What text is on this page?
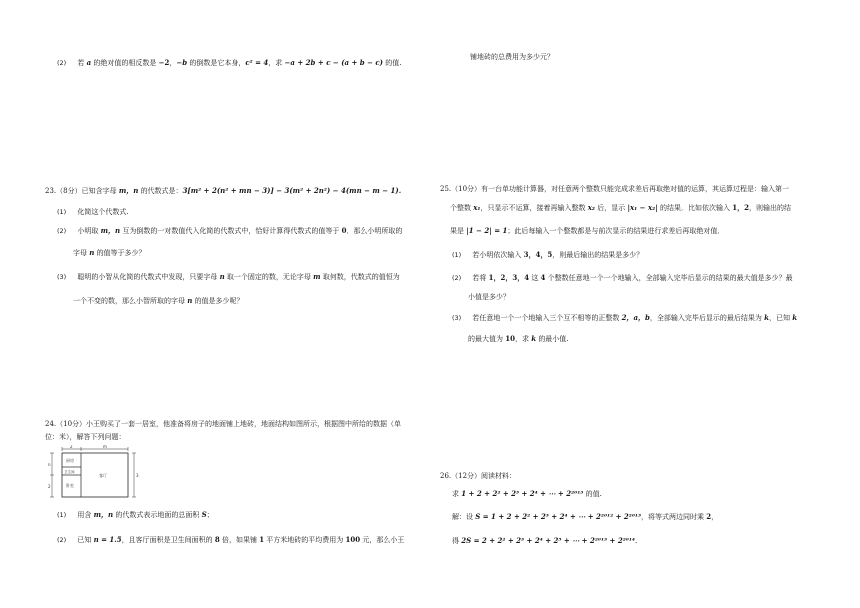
(2) 若 a 的绝对值的相反数是 −2，−b 的倒数是它本身，c² = 4，求 −a + 2b + c − (a + b − c) 的值.
23.（8分）已知含字母 m，n 的代数式是：3[m² + 2(n² + mn − 3)] − 3(m² + 2n²) − 4(mn − m − 1).
(1) 化简这个代数式.
(2) 小明取 m，n 互为倒数的一对数值代入化简的代数式中，恰好计算得代数式的值等于 0．那么小明所取的
字母 n 的值等于多少？
(3) 聪明的小智从化简的代数式中发现，只要字母 n 取一个固定的数，无论字母 m 取何数，代数式的值恒为
一个不变的数，那么小智所取的字母 n 的值是多少呢？
24.（10分）小王购买了一套一居室，他准备将房子的地面铺上地砖，地面结构如图所示，根据图中所给的数据（单
位：米），解答下列问题：
2	m
n
2
3
厨房
卫生间
卧室
客厅
(1) 用含 m，n 的代数式表示地面的总面积 S；
(2) 已知 n = 1.5，且客厅面积是卫生间面积的 8 倍，如果铺 1 平方米地砖的平均费用为 100 元，那么小王
铺地砖的总费用为多少元？
25.（10分）有一台单功能计算器，对任意两个整数只能完成求差后再取绝对值的运算，其运算过程是：输入第一
个整数 x₁，只显示不运算，接着再输入整数 x₂ 后，显示 |x₁ − x₂| 的结果．比如依次输入 1，2，则输出的结
果是 |1 − 2| = 1；此后每输入一个整数都是与前次显示的结果进行求差后再取绝对值．
(1) 若小明依次输入 3，4，5，则最后输出的结果是多少？
(2) 若将 1，2，3，4 这 4 个整数任意地一个一个地输入，全部输入完毕后显示的结果的最大值是多少？最
小值是多少？
(3) 若任意地一个一个地输入三个互不相等的正整数 2，a，b，全部输入完毕后显示的最后结果为 k，已知 k
的最大值为 10，求 k 的最小值.
26.（12分）阅读材料：
求 1 + 2 + 2² + 2³ + 2⁴ + ⋯ + 2²⁰¹³ 的值.
解：设 S = 1 + 2 + 2² + 2³ + 2⁴ + ⋯ + 2²⁰¹² + 2²⁰¹³，将等式两边同时乘 2，
得 2S = 2 + 2² + 2³ + 2⁴ + 2⁵ + ⋯ + 2²⁰¹³ + 2²⁰¹⁴.
